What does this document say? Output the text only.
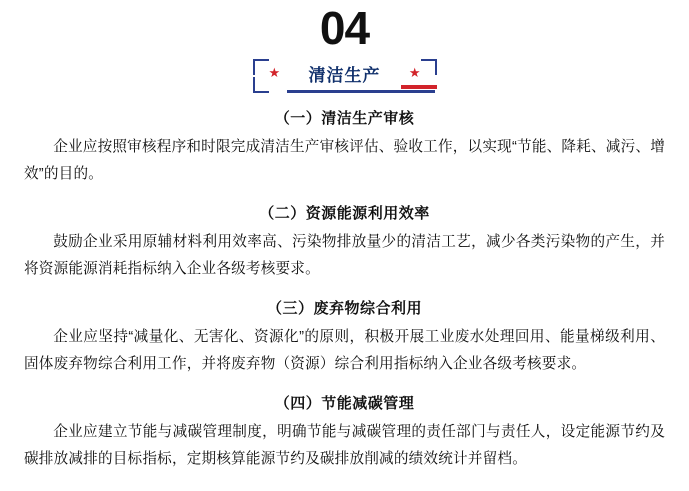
04
★	清洁生产	★
（一）清洁生产审核

企业应按照审核程序和时限完成清洁生产审核评估、验收工作，以实现“节能、降耗、减污、增效”的目的。

（二）资源能源利用效率

鼓励企业采用原辅材料利用效率高、污染物排放量少的清洁工艺，减少各类污染物的产生，并将资源能源消耗指标纳入企业各级考核要求。

（三）废弃物综合利用

企业应坚持“减量化、无害化、资源化”的原则，积极开展工业废水处理回用、能量梯级利用、固体废弃物综合利用工作，并将废弃物（资源）综合利用指标纳入企业各级考核要求。

（四）节能减碳管理

企业应建立节能与减碳管理制度，明确节能与减碳管理的责任部门与责任人，设定能源节约及碳排放减排的目标指标，定期核算能源节约及碳排放削减的绩效统计并留档。
